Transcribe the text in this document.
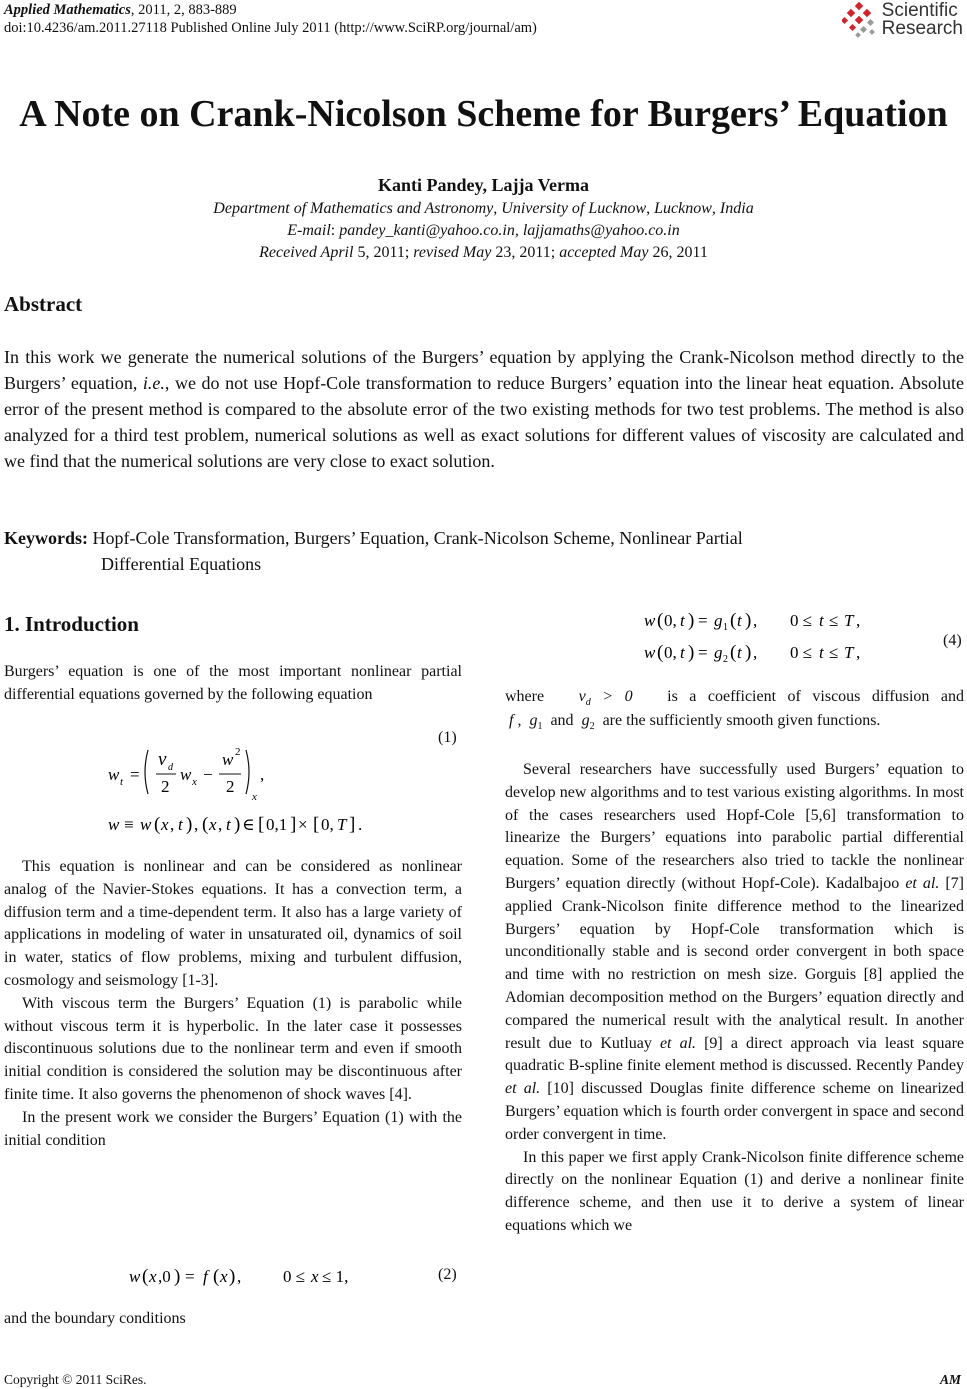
Applied Mathematics, 2011, 2, 883-889
doi:10.4236/am.2011.27118 Published Online July 2011 (http://www.SciRP.org/journal/am)
Scientific
Research
A Note on Crank-Nicolson Scheme for Burgers’ Equation
Kanti Pandey, Lajja Verma
Department of Mathematics and Astronomy, University of Lucknow, Lucknow, India
E-mail: pandey_kanti@yahoo.co.in, lajjamaths@yahoo.co.in
Received April 5, 2011; revised May 23, 2011; accepted May 26, 2011
Abstract
In this work we generate the numerical solutions of the Burgers’ equation by applying the Crank-Nicolson method directly to the Burgers’ equation, i.e., we do not use Hopf-Cole transformation to reduce Burgers’ equation into the linear heat equation. Absolute error of the present method is compared to the absolute error of the two existing methods for two test problems. The method is also analyzed for a third test problem, numerical solutions as well as exact solutions for different values of viscosity are calculated and we find that the numerical solutions are very close to exact solution.
Keywords: Hopf-Cole Transformation, Burgers’ Equation, Crank-Nicolson Scheme, Nonlinear Partial
Differential Equations
1. Introduction
Burgers’ equation is one of the most important nonlinear partial differential equations governed by the following equation
w t =
ν d
2
w x −
w 2
2
x
,
w ≡ w ( x , t ) , ( x , t ) ∈ [ 0,1 ] × [ 0, T ] .
(1)

This equation is nonlinear and can be considered as nonlinear analog of the Navier-Stokes equations. It has a convection term, a diffusion term and a time-dependent term. It also has a large variety of applications in modeling of water in unsaturated oil, dynamics of soil in water, statics of flow problems, mixing and turbulent diffusion, cosmology and seismology [1-3].

With viscous term the Burgers’ Equation (1) is parabolic while without viscous term it is hyperbolic. In the later case it possesses discontinuous solutions due to the nonlinear term and even if smooth initial condition is considered the solution may be discontinuous after finite time. It also governs the phenomenon of shock waves [4].

In the present work we consider the Burgers’ Equation (1) with the initial condition

w ( x ,0 ) = f ( x ) , 0 ≤ x ≤ 1,	(2)
and the boundary conditions
w ( 0, t ) = g 1 ( t ) , 0 ≤ t ≤ T ,
w ( 0, t ) = g 2 ( t ) , 0 ≤ t ≤ T ,
(4)
where   $\nu_d > 0$   is a coefficient of viscous diffusion and
f ,  $g_1$ and  $g_2$ are the sufficiently smooth given functions.

Several researchers have successfully used Burgers’ equation to develop new algorithms and to test various existing algorithms. In most of the cases researchers used Hopf-Cole [5,6] transformation to linearize the Burgers’ equations into parabolic partial differential equation. Some of the researchers also tried to tackle the nonlinear Burgers’ equation directly (without Hopf-Cole). Kadalbajoo et al. [7] applied Crank-Nicolson finite difference method to the linearized Burgers’ equation by Hopf-Cole transformation which is unconditionally stable and is second order convergent in both space and time with no restriction on mesh size. Gorguis [8] applied the Adomian decomposition method on the Burgers’ equation directly and compared the numerical result with the analytical result. In another result due to Kutluay et al. [9] a direct approach via least square quadratic B-spline finite element method is discussed. Recently Pandey et al. [10] discussed Douglas finite difference scheme on linearized Burgers’ equation which is fourth order convergent in space and second order convergent in time.

In this paper we first apply Crank-Nicolson finite difference scheme directly on the nonlinear Equation (1) and derive a nonlinear finite difference scheme, and then use it to derive a system of linear equations which we

Copyright © 2011 SciRes.	AM
